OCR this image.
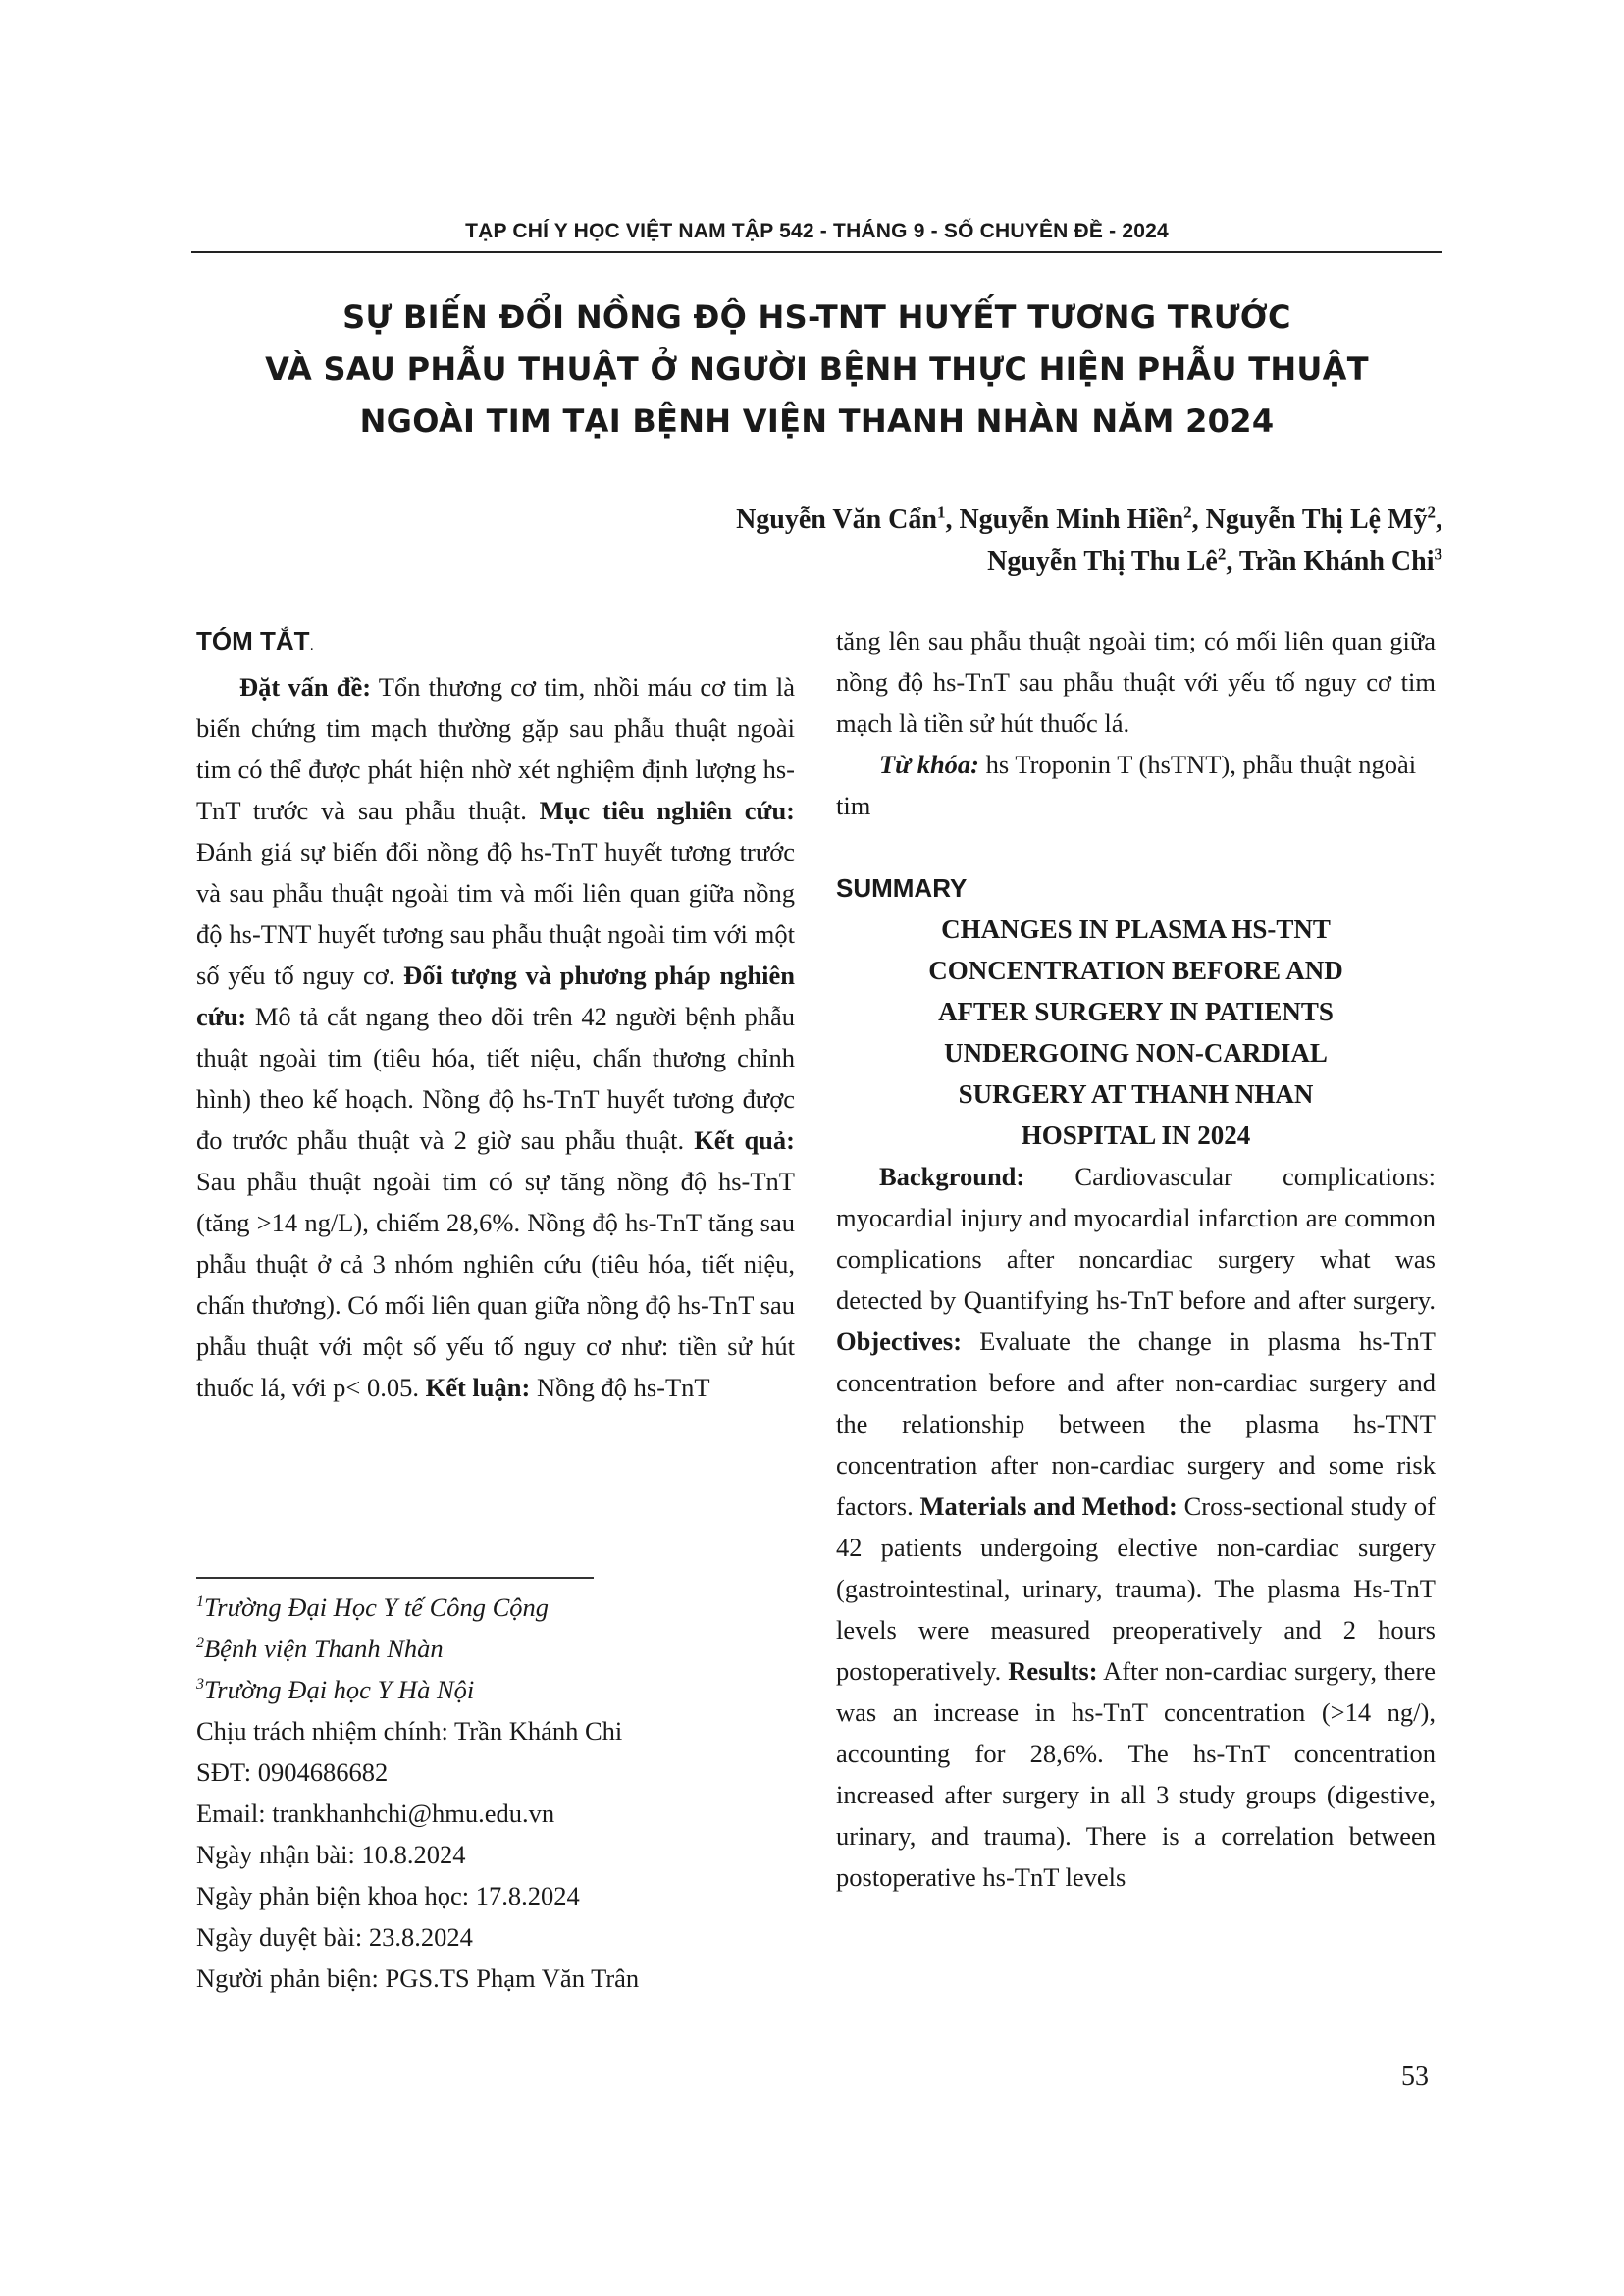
TẠP CHÍ Y HỌC VIỆT NAM TẬP 542 - THÁNG 9 - SỐ CHUYÊN ĐỀ - 2024
SỰ BIẾN ĐỔI NỒNG ĐỘ HS-TNT HUYẾT TƯƠNG TRƯỚC
VÀ SAU PHẪU THUẬT Ở NGƯỜI BỆNH THỰC HIỆN PHẪU THUẬT
NGOÀI TIM TẠI BỆNH VIỆN THANH NHÀN NĂM 2024
Nguyễn Văn Cẩn$^1$, Nguyễn Minh Hiền$^2$, Nguyễn Thị Lệ Mỹ$^2$,
Nguyễn Thị Thu $Lê^2$, Trần Khánh Chi$^3$
TÓM TẮT.

Đặt vấn đề: Tổn thương cơ tim, nhồi máu cơ tim là biến chứng tim mạch thường gặp sau phẫu thuật ngoài tim có thể được phát hiện nhờ xét nghiệm định lượng hs-TnT trước và sau phẫu thuật. Mục tiêu nghiên cứu: Đánh giá sự biến đổi nồng độ hs-TnT huyết tương trước và sau phẫu thuật ngoài tim và mối liên quan giữa nồng độ hs-TNT huyết tương sau phẫu thuật ngoài tim với một số yếu tố nguy cơ. Đối tượng và phương pháp nghiên cứu: Mô tả cắt ngang theo dõi trên 42 người bệnh phẫu thuật ngoài tim (tiêu hóa, tiết niệu, chấn thương chỉnh hình) theo kế hoạch. Nồng độ hs-TnT huyết tương được đo trước phẫu thuật và 2 giờ sau phẫu thuật. Kết quả: Sau phẫu thuật ngoài tim có sự tăng nồng độ hs-TnT (tăng >14 ng/L), chiếm 28,6%. Nồng độ hs-TnT tăng sau phẫu thuật ở cả 3 nhóm nghiên cứu (tiêu hóa, tiết niệu, chấn thương). Có mối liên quan giữa nồng độ hs-TnT sau phẫu thuật với một số yếu tố nguy cơ như: tiền sử hút thuốc lá, với p< 0.05. Kết luận: Nồng độ hs-TnT

$^1$Trường Đại Học Y tế Công Cộng
$^2$Bệnh viện Thanh Nhàn
$^3$Trường Đại học Y Hà Nội
Chịu trách nhiệm chính: Trần Khánh Chi
SĐT: 0904686682
Email: trankhanhchi@hmu.edu.vn
Ngày nhận bài: 10.8.2024
Ngày phản biện khoa học: 17.8.2024
Ngày duyệt bài: 23.8.2024
Người phản biện: PGS.TS Phạm Văn Trân

tăng lên sau phẫu thuật ngoài tim; có mối liên quan giữa nồng độ hs-TnT sau phẫu thuật với yếu tố nguy cơ tim mạch là tiền sử hút thuốc lá.

Từ khóa: hs Troponin T (hsTNT), phẫu thuật ngoài tim

SUMMARY
CHANGES IN PLASMA HS-TNT
CONCENTRATION BEFORE AND
AFTER SURGERY IN PATIENTS
UNDERGOING NON-CARDIAL
SURGERY AT THANH NHAN
HOSPITAL IN 2024

Background: Cardiovascular complications: myocardial injury and myocardial infarction are common complications after noncardiac surgery what was detected by Quantifying hs-TnT before and after surgery. Objectives: Evaluate the change in plasma hs-TnT concentration before and after non-cardiac surgery and the relationship between the plasma hs-TNT concentration after non-cardiac surgery and some risk factors. Materials and Method: Cross-sectional study of 42 patients undergoing elective non-cardiac surgery (gastrointestinal, urinary, trauma). The plasma Hs-TnT levels were measured preoperatively and 2 hours postoperatively. Results: After non-cardiac surgery, there was an increase in hs-TnT concentration (>14 ng/), accounting for 28,6%. The hs-TnT concentration increased after surgery in all 3 study groups (digestive, urinary, and trauma). There is a correlation between postoperative hs-TnT levels

53
